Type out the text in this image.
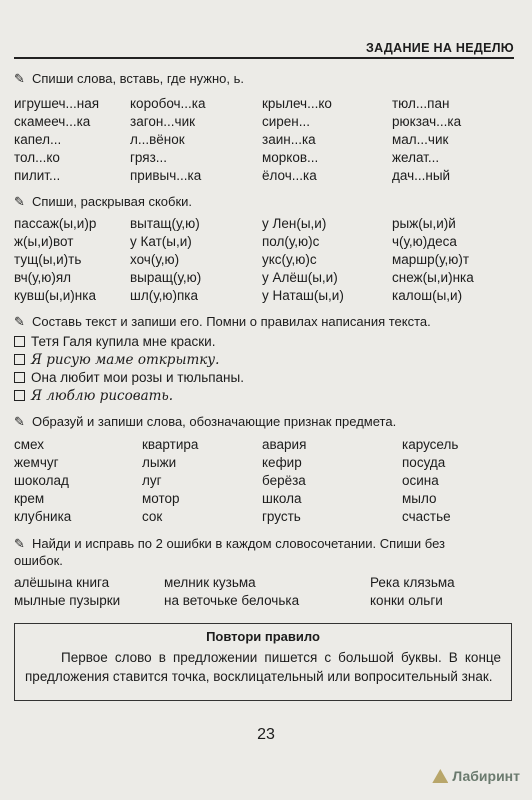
ЗАДАНИЕ НА НЕДЕЛЮ
✎ Спиши слова, вставь, где нужно, ь.
игрушеч...ная коробоч...ка	крылеч...ко	тюл...пан
скамееч...ка	загон...чик	сирен...	рюкзач...ка
капел...	л...вёнок	заин...ка	мал...чик
тол...ко	гряз...	морков...	желат...
пилит...	привыч...ка	ёлоч...ка	дач...ный
✎ Спиши, раскрывая скобки.
пассаж(ы,и)р вытащ(у,ю)	у Лен(ы,и)	рыж(ы,и)й
ж(ы,и)вот	у Кат(ы,и)	пол(у,ю)с	ч(у,ю)деса
тущ(ы,и)ть	хоч(у,ю)	укс(у,ю)с	маршр(у,ю)т
вч(у,ю)ял	выращ(у,ю)	у Алёш(ы,и)	снеж(ы,и)нка
кувш(ы,и)нка	шл(у,ю)пка	у Наташ(ы,и)	калош(ы,и)
✎ Составь текст и запиши его. Помни о правилах написания текста.
Тетя Галя купила мне краски.
Я рисую маме открытку.
Она любит мои розы и тюльпаны.
Я люблю рисовать.
✎ Образуй и запиши слова, обозначающие признак предмета.
смех	квартира	авария	карусель
жемчуг	лыжи	кефир	посуда
шоколад	луг	берёза	осина
крем	мотор	школа	мыло
клубника	сок	грусть	счастье
✎ Найди и исправь по 2 ошибки в каждом словосочетании. Спиши без
ошибок.
алёшына книга	мелник кузьма	Река клязьма
мылные пузырки	на веточьке белочька	конки ольги
Повтори правило
Первое слово в предложении пишется с большой буквы. В конце предложения ставится точка, восклицательный или вопросительный знак.
23
Лабиринт
